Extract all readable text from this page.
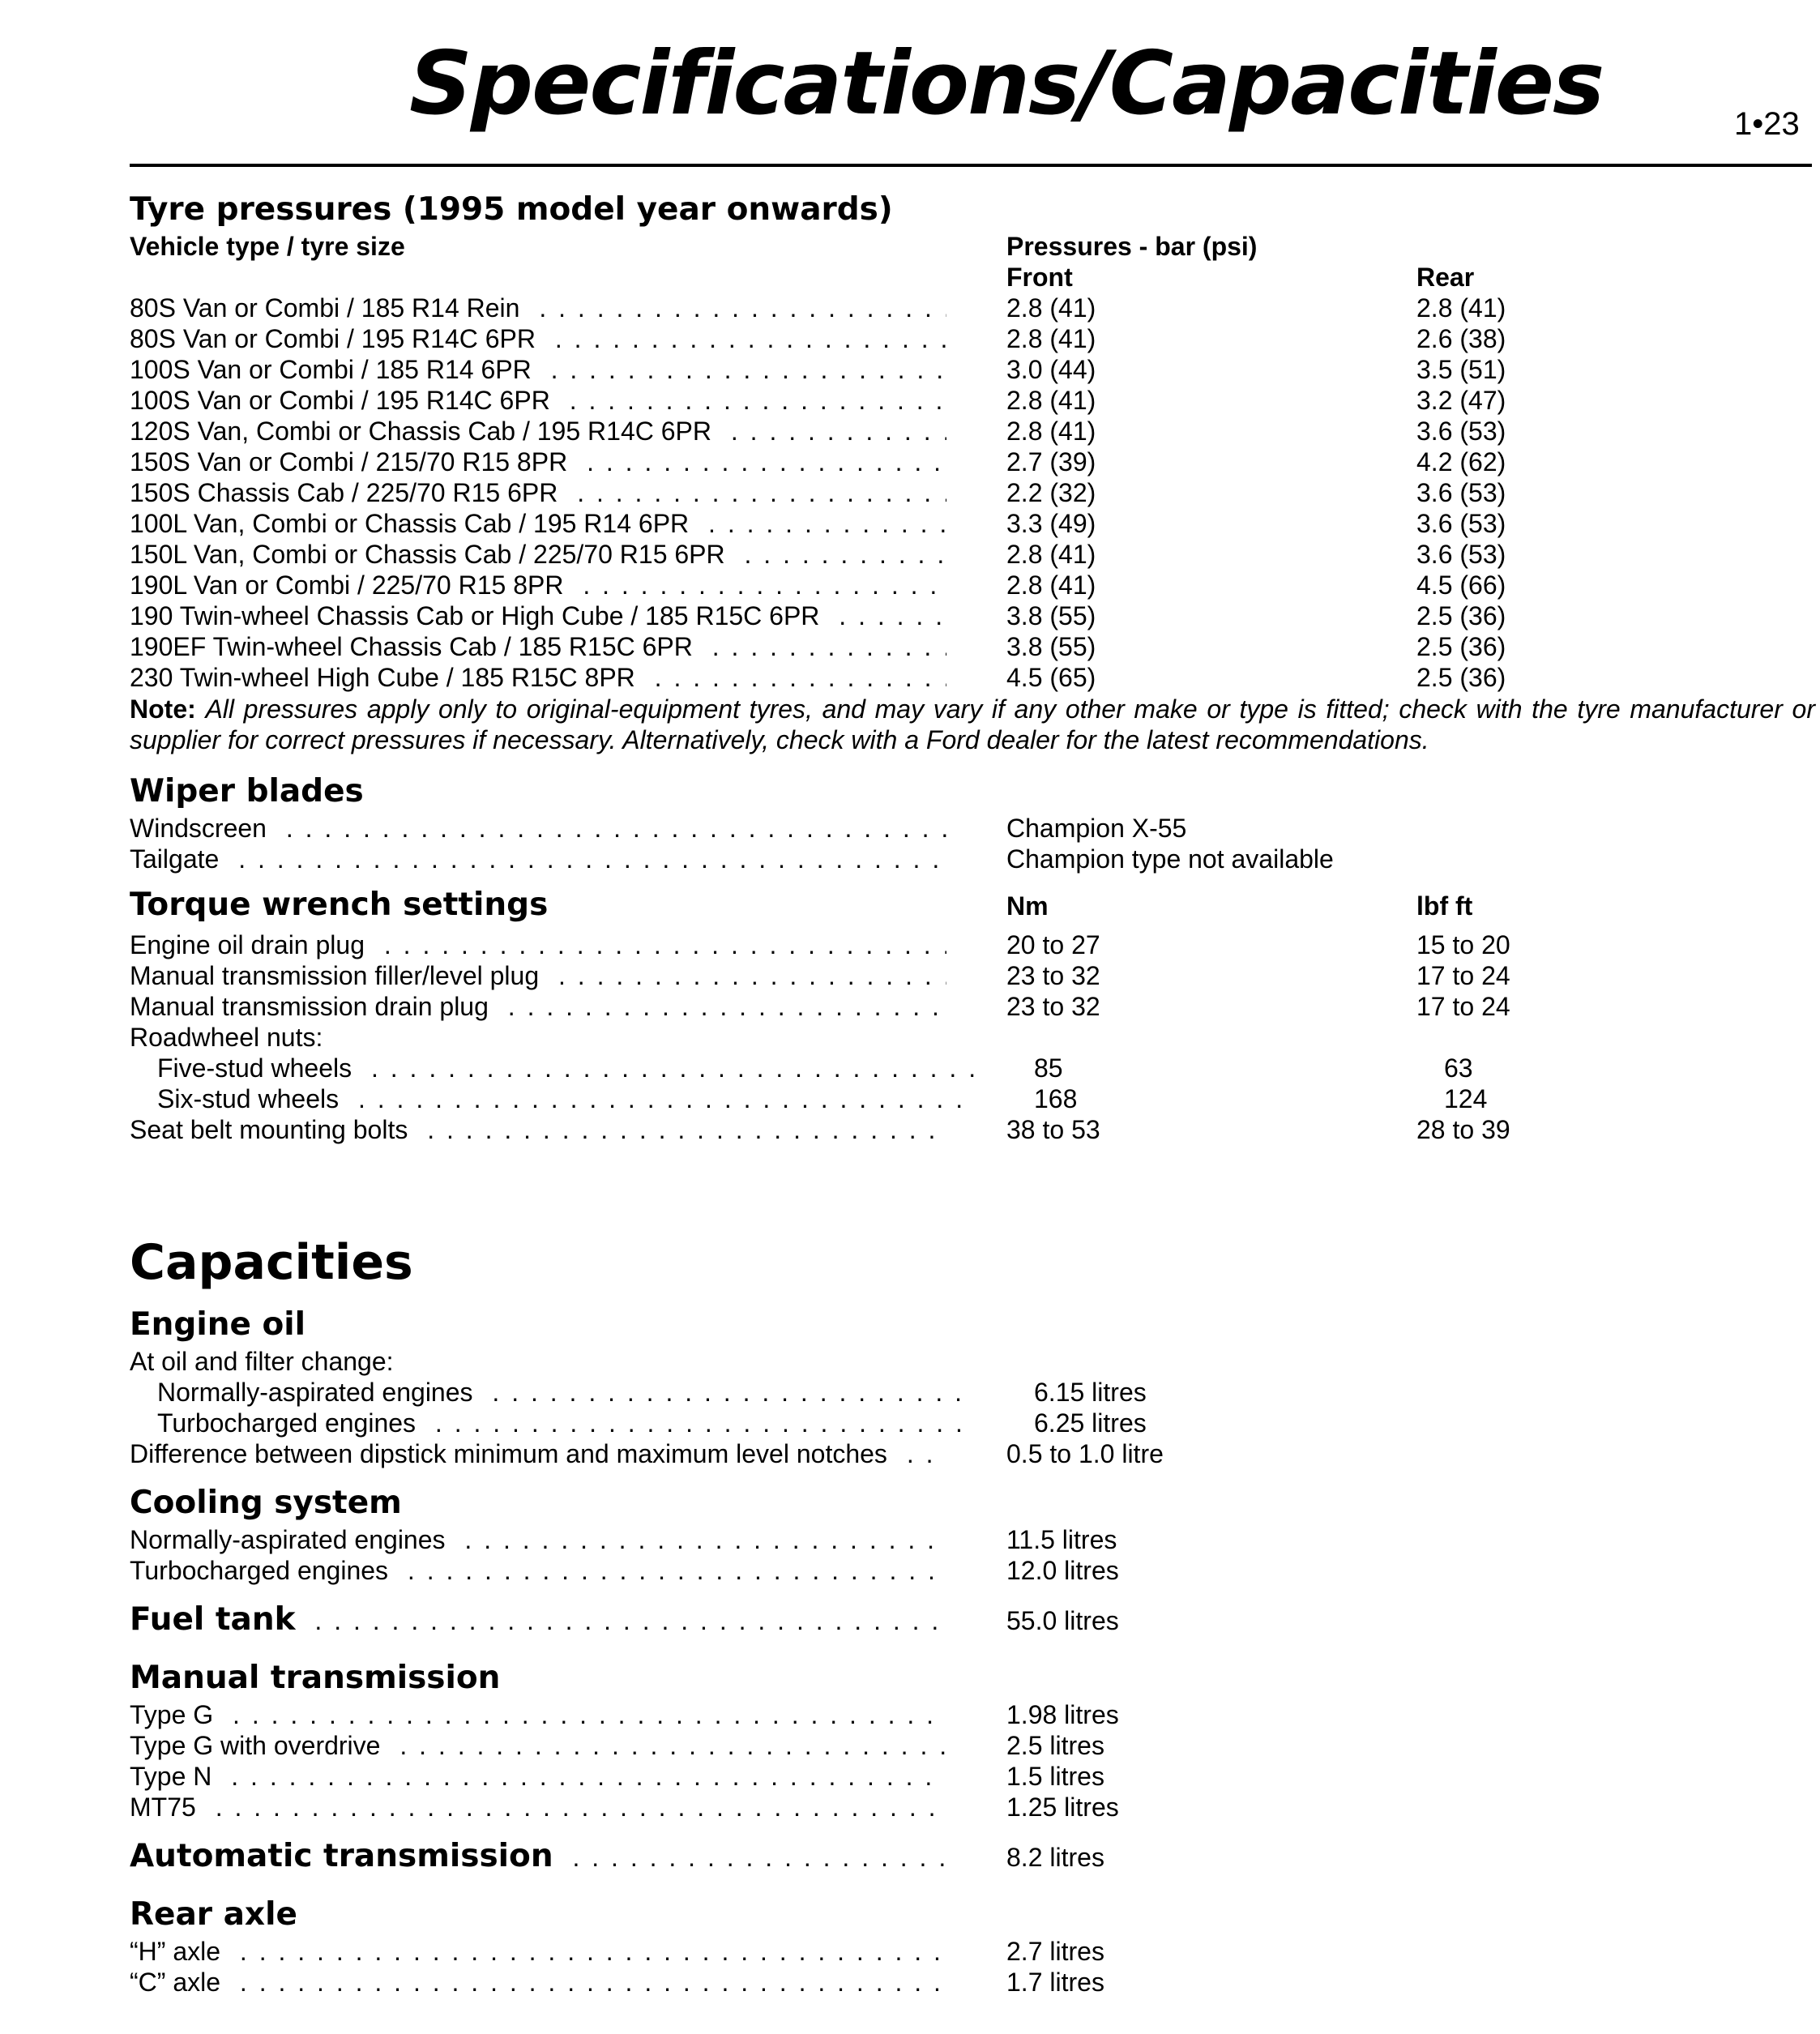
Specifications/Capacities	1•23
Tyre pressures (1995 model year onwards)
Vehicle type / tyre size	Pressures - bar (psi)
Front	Rear
80S Van or Combi / 185 R14 Rein . . .	2.8 (41)	2.8 (41)
80S Van or Combi / 195 R14C 6PR . . .	2.8 (41)	2.6 (38)
100S Van or Combi / 185 R14 6PR . . .	3.0 (44)	3.5 (51)
100S Van or Combi / 195 R14C 6PR . . .	2.8 (41)	3.2 (47)
120S Van, Combi or Chassis Cab / 195 R14C 6PR . . .	2.8 (41)	3.6 (53)
150S Van or Combi / 215/70 R15 8PR . . .	2.7 (39)	4.2 (62)
150S Chassis Cab / 225/70 R15 6PR . . .	2.2 (32)	3.6 (53)
100L Van, Combi or Chassis Cab / 195 R14 6PR . . .	3.3 (49)	3.6 (53)
150L Van, Combi or Chassis Cab / 225/70 R15 6PR . . .	2.8 (41)	3.6 (53)
190L Van or Combi / 225/70 R15 8PR . . .	2.8 (41)	4.5 (66)
190 Twin-wheel Chassis Cab or High Cube / 185 R15C 6PR . . .	3.8 (55)	2.5 (36)
190EF Twin-wheel Chassis Cab / 185 R15C 6PR . . .	3.8 (55)	2.5 (36)
230 Twin-wheel High Cube / 185 R15C 8PR . . .	4.5 (65)	2.5 (36)
Note: All pressures apply only to original-equipment tyres, and may vary if any other make or type is fitted; check with the tyre manufacturer or supplier for correct pressures if necessary. Alternatively, check with a Ford dealer for the latest recommendations.
Wiper blades
Windscreen . . .	Champion X-55
Tailgate . . .	Champion type not available
Torque wrench settings	Nm	lbf ft
Engine oil drain plug . . .	20 to 27	15 to 20
Manual transmission filler/level plug . . .	23 to 32	17 to 24
Manual transmission drain plug . . .	23 to 32	17 to 24
Roadwheel nuts:
Five-stud wheels . . .	85	63
Six-stud wheels . . .	168	124
Seat belt mounting bolts . . .	38 to 53	28 to 39
Capacities
Engine oil
At oil and filter change:
Normally-aspirated engines . . .	6.15 litres
Turbocharged engines . . .	6.25 litres
Difference between dipstick minimum and maximum level notches . . .	0.5 to 1.0 litre
Cooling system
Normally-aspirated engines . . .	11.5 litres
Turbocharged engines . . .	12.0 litres
Fuel tank . . .	55.0 litres
Manual transmission
Type G . . .	1.98 litres
Type G with overdrive . . .	2.5 litres
Type N . . .	1.5 litres
MT75 . . .	1.25 litres
Automatic transmission . . .	8.2 litres
Rear axle
“H” axle . . .	2.7 litres
“C” axle . . .	1.7 litres
